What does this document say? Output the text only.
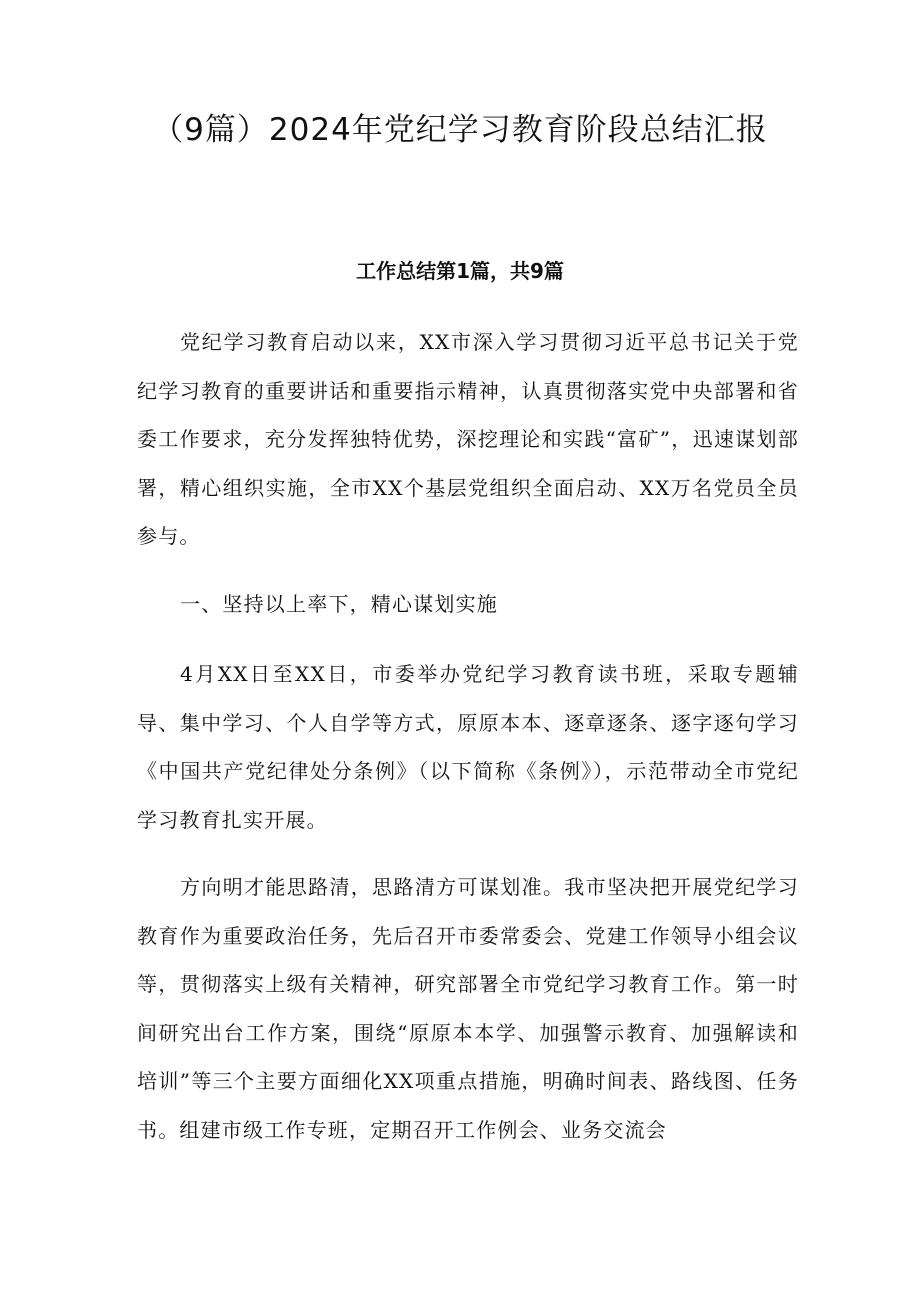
（9篇）2024年党纪学习教育阶段总结汇报
工作总结第1篇，共9篇

党纪学习教育启动以来，XX市深入学习贯彻习近平总书记关于党纪学习教育的重要讲话和重要指示精神，认真贯彻落实党中央部署和省委工作要求，充分发挥独特优势，深挖理论和实践“富矿”，迅速谋划部署，精心组织实施，全市XX个基层党组织全面启动、XX万名党员全员参与。

一、坚持以上率下，精心谋划实施

4月XX日至XX日，市委举办党纪学习教育读书班，采取专题辅导、集中学习、个人自学等方式，原原本本、逐章逐条、逐字逐句学习《中国共产党纪律处分条例》（以下简称《条例》），示范带动全市党纪学习教育扎实开展。

方向明才能思路清，思路清方可谋划准。我市坚决把开展党纪学习教育作为重要政治任务，先后召开市委常委会、党建工作领导小组会议等，贯彻落实上级有关精神，研究部署全市党纪学习教育工作。第一时间研究出台工作方案，围绕“原原本本学、加强警示教育、加强解读和培训”等三个主要方面细化XX项重点措施，明确时间表、路线图、任务书。组建市级工作专班，定期召开工作例会、业务交流会
